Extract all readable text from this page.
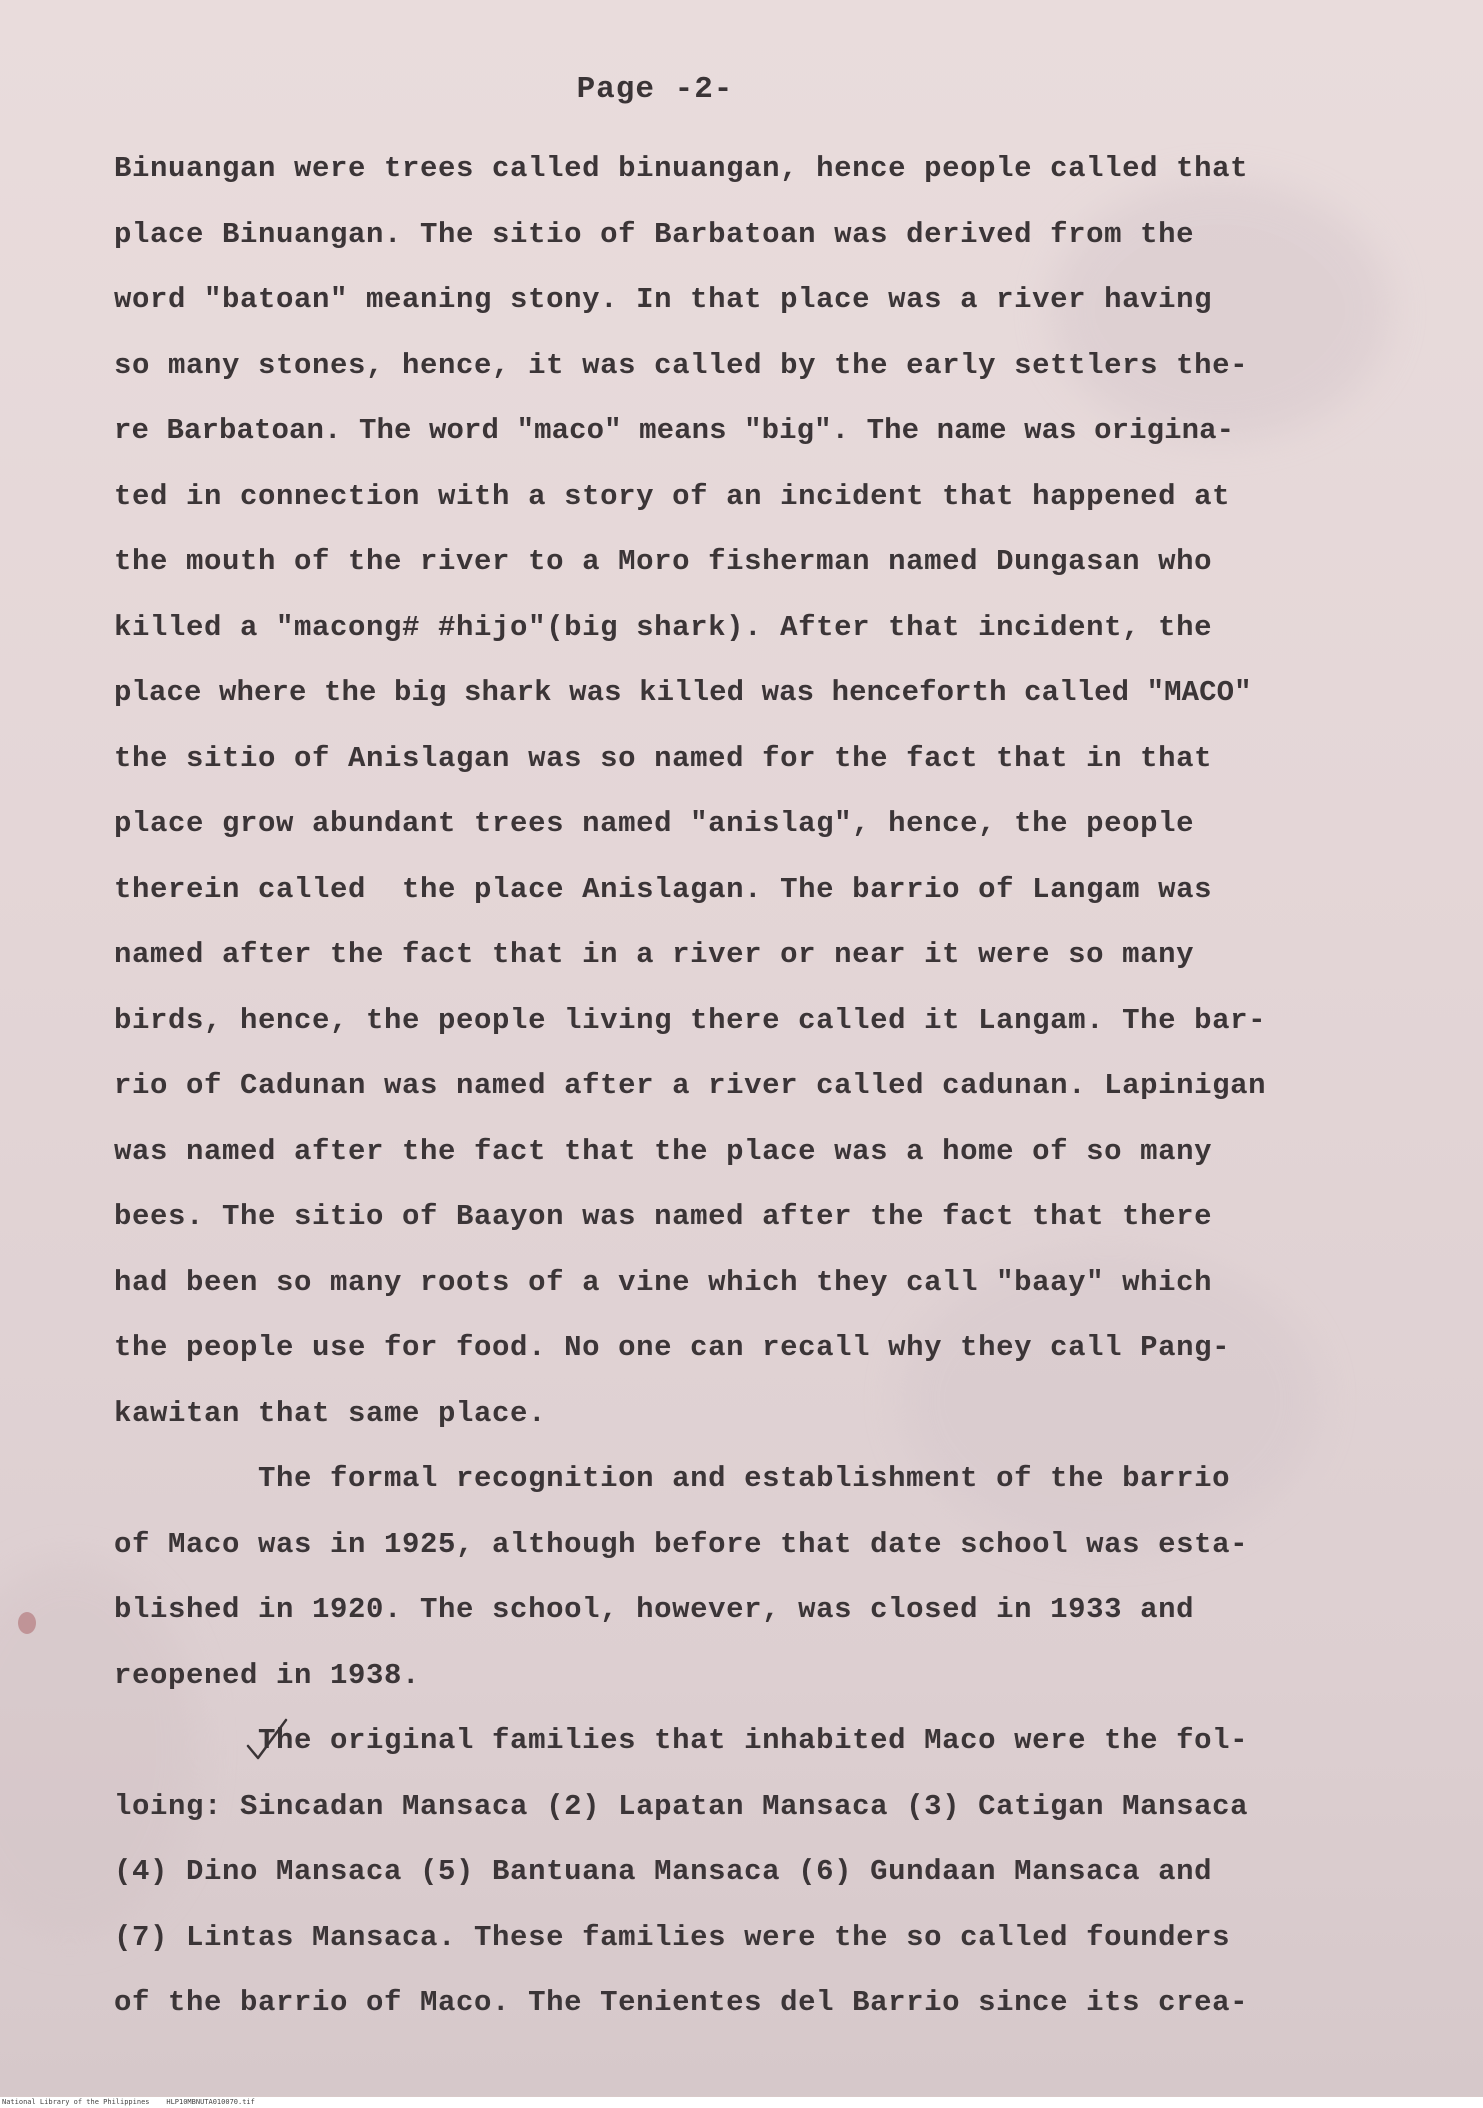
Page -2-
Binuangan were trees called binuangan, hence people called that
place Binuangan. The sitio of Barbatoan was derived from the
word "batoan" meaning stony. In that place was a river having
so many stones, hence, it was called by the early settlers the-
re Barbatoan. The word "maco" means "big". The name was origina-
ted in connection with a story of an incident that happened at
the mouth of the river to a Moro fisherman named Dungasan who
killed a "macong# #hijo"(big shark). After that incident, the
place where the big shark was killed was henceforth called "MACO"
the sitio of Anislagan was so named for the fact that in that
place grow abundant trees named "anislag", hence, the people
therein called  the place Anislagan. The barrio of Langam was
named after the fact that in a river or near it were so many
birds, hence, the people living there called it Langam. The bar-
rio of Cadunan was named after a river called cadunan. Lapinigan
was named after the fact that the place was a home of so many
bees. The sitio of Baayon was named after the fact that there
had been so many roots of a vine which they call "baay" which
the people use for food. No one can recall why they call Pang-
kawitan that same place.
The formal recognition and establishment of the barrio
of Maco was in 1925, although before that date school was esta-
blished in 1920. The school, however, was closed in 1933 and
reopened in 1938.
The original families that inhabited Maco were the fol-
loing: Sincadan Mansaca (2) Lapatan Mansaca (3) Catigan Mansaca
(4) Dino Mansaca (5) Bantuana Mansaca (6) Gundaan Mansaca and
(7) Lintas Mansaca. These families were the so called founders
of the barrio of Maco. The Tenientes del Barrio since its crea-
National Library of the Philippines    HLP10MBNUTA010070.tif
